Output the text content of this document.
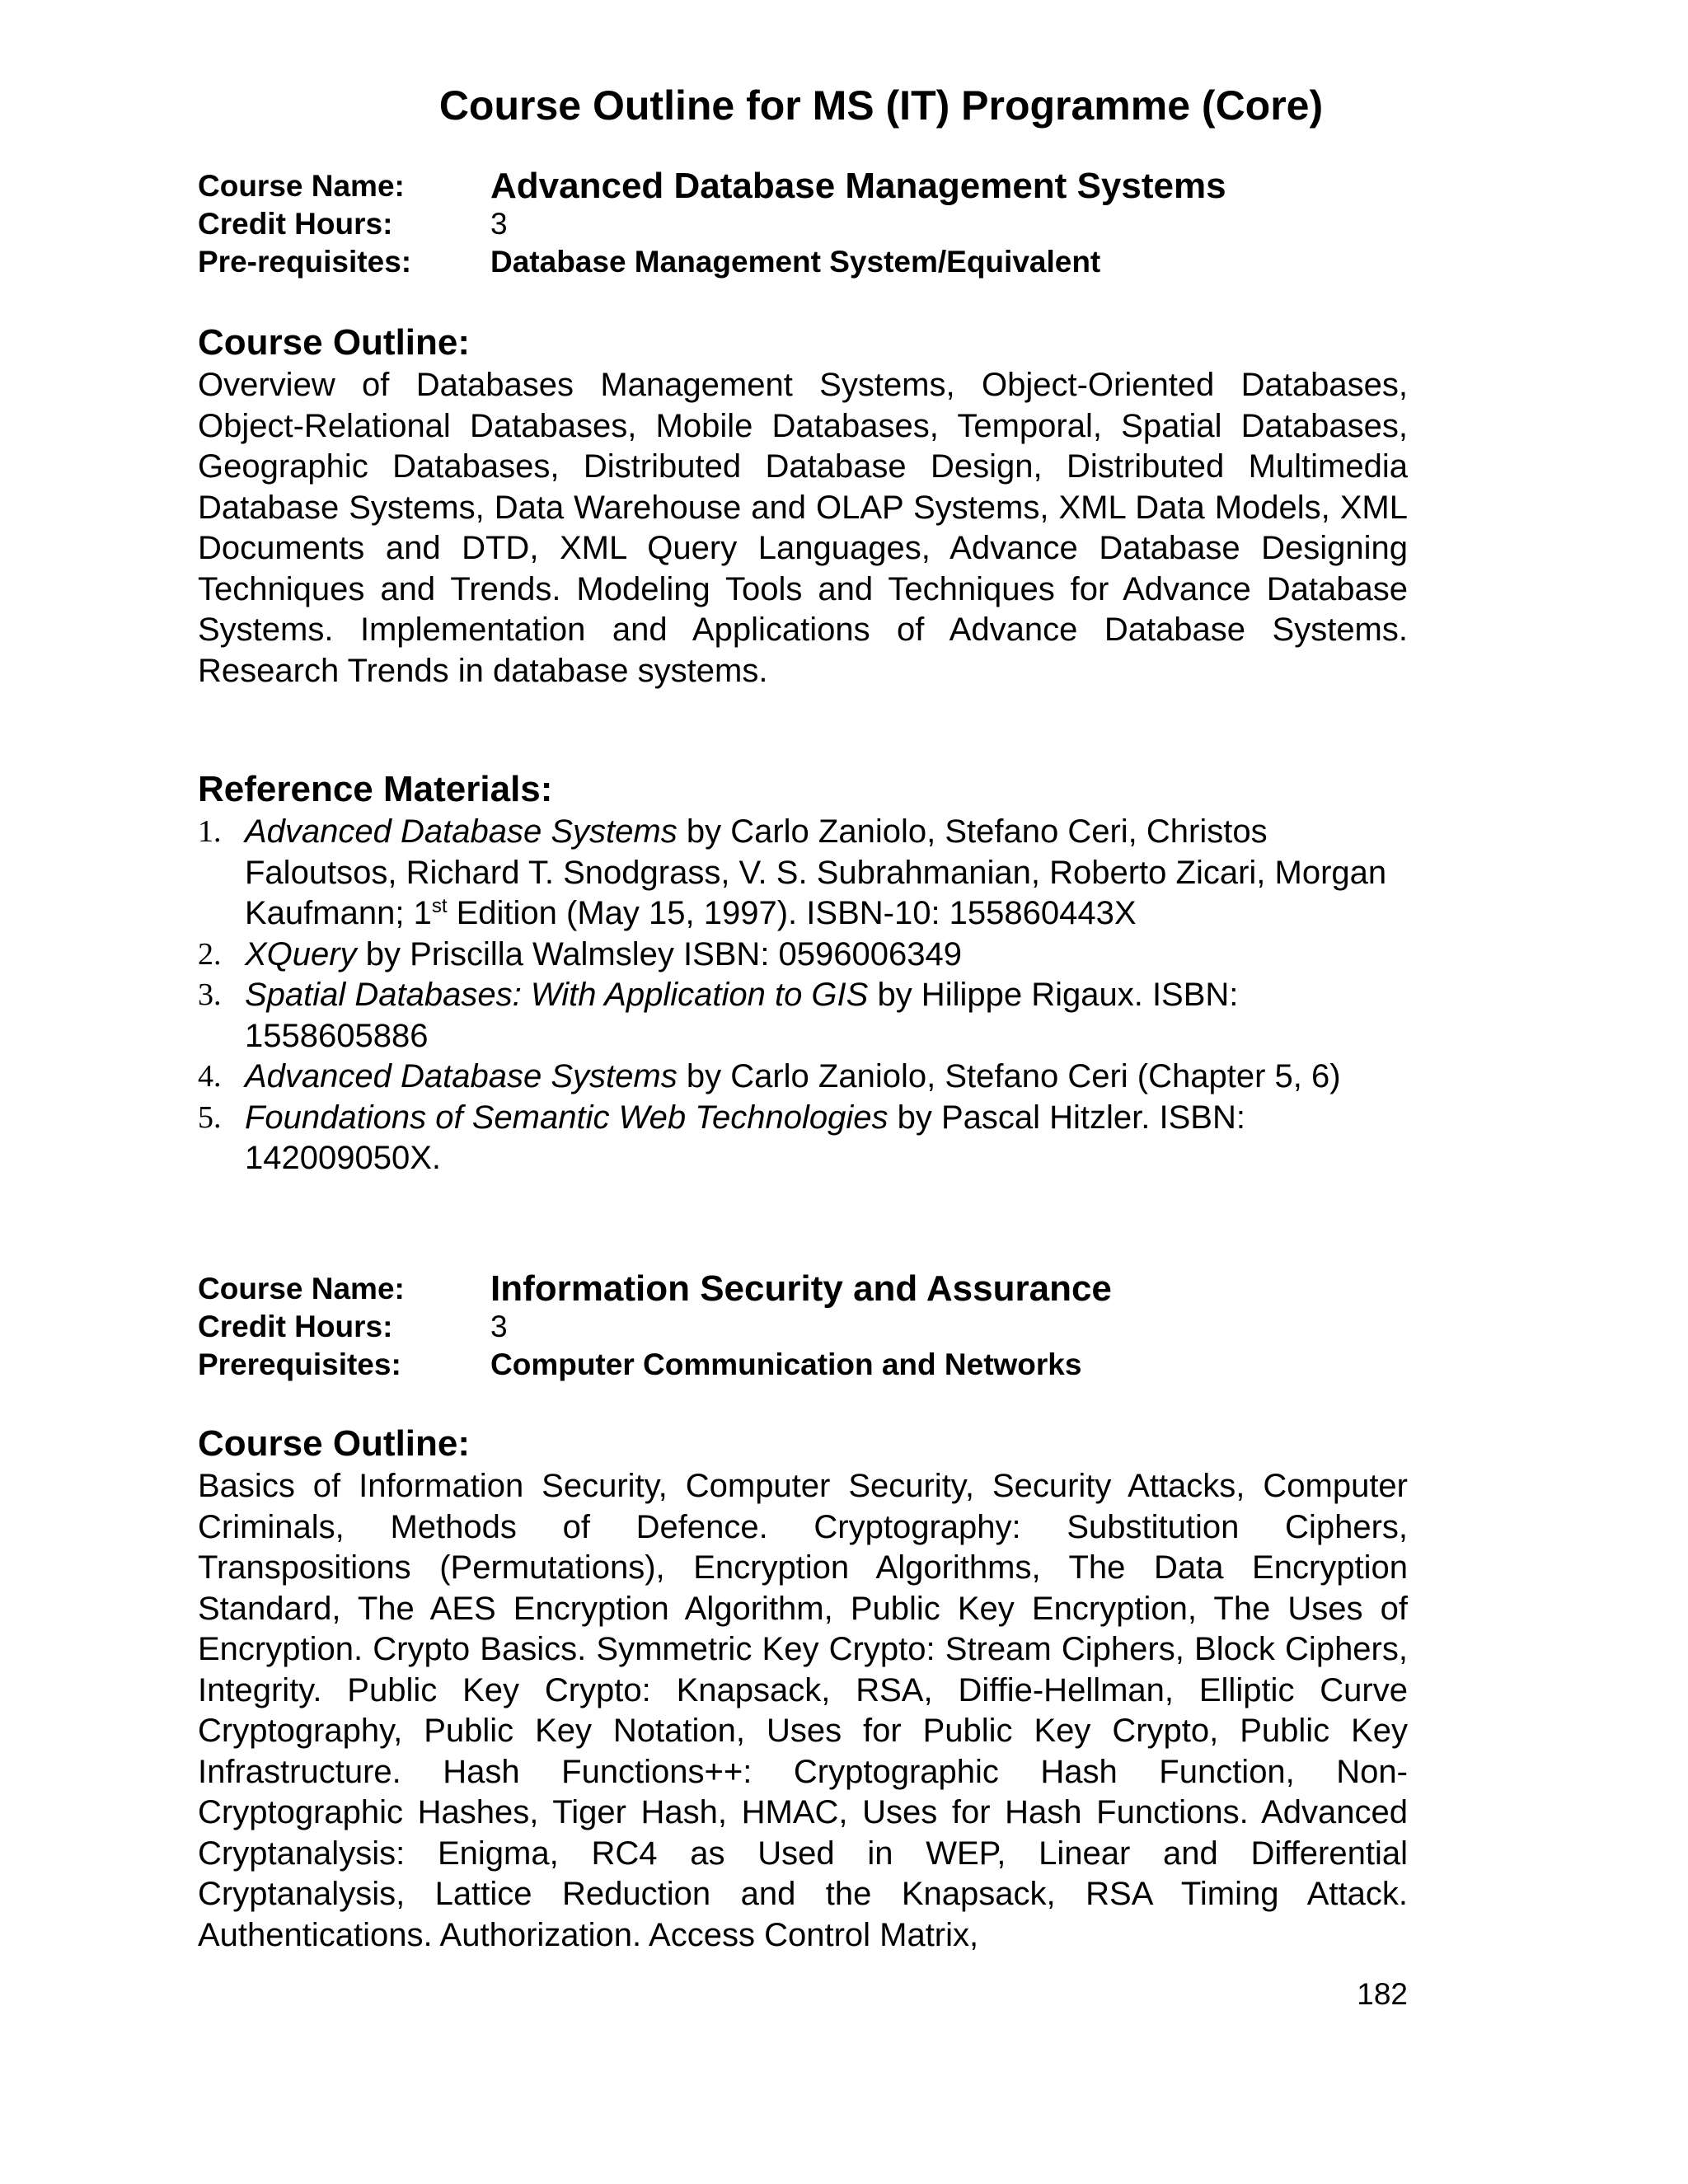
Course Outline for MS (IT) Programme (Core)
Course Name: Advanced Database Management Systems
Credit Hours:	3
Pre-requisites:	Database Management System/Equivalent
Course Outline:

Overview of Databases Management Systems, Object-Oriented Databases, Object-Relational Databases, Mobile Databases, Temporal, Spatial Databases, Geographic Databases, Distributed Database Design, Distributed Multimedia Database Systems, Data Warehouse and OLAP Systems, XML Data Models, XML Documents and DTD, XML Query Languages, Advance Database Designing Techniques and Trends. Modeling Tools and Techniques for Advance Database Systems. Implementation and Applications of Advance Database Systems. Research Trends in database systems.

Reference Materials:
1. Advanced Database Systems by Carlo Zaniolo, Stefano Ceri, Christos Faloutsos, Richard T. Snodgrass, V. S. Subrahmanian, Roberto Zicari, Morgan Kaufmann; 1st Edition (May 15, 1997). ISBN-10: 155860443X
2. XQuery by Priscilla Walmsley ISBN: 0596006349
3. Spatial Databases: With Application to GIS by Hilippe Rigaux. ISBN: 1558605886
4. Advanced Database Systems by Carlo Zaniolo, Stefano Ceri (Chapter 5, 6)
5. Foundations of Semantic Web Technologies by Pascal Hitzler. ISBN: 142009050X.
Course Name: Information Security and Assurance
Credit Hours:	3
Prerequisites:	Computer Communication and Networks
Course Outline:

Basics of Information Security, Computer Security, Security Attacks, Computer Criminals, Methods of Defence. Cryptography: Substitution Ciphers, Transpositions (Permutations), Encryption Algorithms, The Data Encryption Standard, The AES Encryption Algorithm, Public Key Encryption, The Uses of Encryption. Crypto Basics. Symmetric Key Crypto: Stream Ciphers, Block Ciphers, Integrity. Public Key Crypto: Knapsack, RSA, Diffie-Hellman, Elliptic Curve Cryptography, Public Key Notation, Uses for Public Key Crypto, Public Key Infrastructure. Hash Functions++: Cryptographic Hash Function, Non-Cryptographic Hashes, Tiger Hash, HMAC, Uses for Hash Functions. Advanced Cryptanalysis: Enigma, RC4 as Used in WEP, Linear and Differential Cryptanalysis, Lattice Reduction and the Knapsack, RSA Timing Attack. Authentications. Authorization. Access Control Matrix,

182
